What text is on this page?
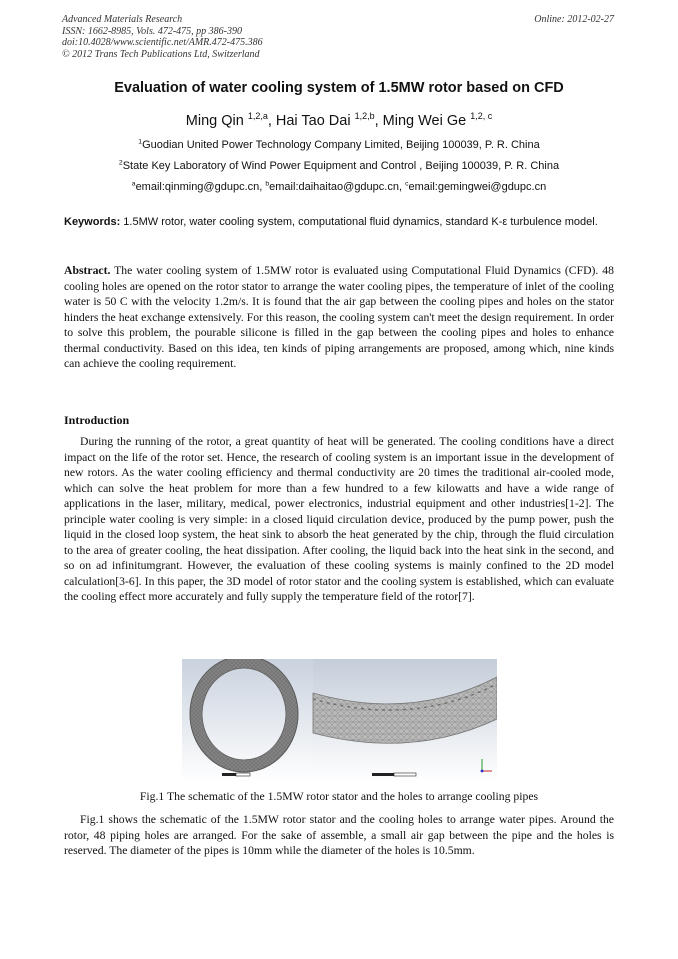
Advanced Materials Research
ISSN: 1662-8985, Vols. 472-475, pp 386-390
doi:10.4028/www.scientific.net/AMR.472-475.386
© 2012 Trans Tech Publications Ltd, Switzerland
Online: 2012-02-27
Evaluation of water cooling system of 1.5MW rotor based on CFD
Ming Qin $^{1,2,a}$, Hai Tao Dai $^{1,2,b}$, Ming Wei Ge $^{1,2, c}$
$^1$Guodian United Power Technology Company Limited, Beijing 100039, P. R. China
$^2$State Key Laboratory of Wind Power Equipment and Control , Beijing 100039, P. R. China
$^a$email:qinming@gdupc.cn, $^b$email:daihaitao@gdupc.cn, $^c$email:gemingwei@gdupc.cn
Keywords: 1.5MW rotor, water cooling system, computational fluid dynamics, standard K-ε turbulence model.
Abstract. The water cooling system of 1.5MW rotor is evaluated using Computational Fluid Dynamics (CFD). 48 cooling holes are opened on the rotor stator to arrange the water cooling pipes, the temperature of inlet of the cooling water is 50 C with the velocity 1.2m/s. It is found that the air gap between the cooling pipes and holes on the stator hinders the heat exchange extensively. For this reason, the cooling system can't meet the design requirement. In order to solve this problem, the pourable silicone is filled in the gap between the cooling pipes and holes to enhance thermal conductivity. Based on this idea, ten kinds of piping arrangements are proposed, among which, nine kinds can achieve the cooling requirement.
Introduction
During the running of the rotor, a great quantity of heat will be generated. The cooling conditions have a direct impact on the life of the rotor set. Hence, the research of cooling system is an important issue in the development of new rotors. As the water cooling efficiency and thermal conductivity are 20 times the traditional air-cooled mode, which can solve the heat problem for more than a few hundred to a few kilowatts and have a wide range of applications in the laser, military, medical, power electronics, industrial equipment and other industries[1-2]. The principle water cooling is very simple: in a closed liquid circulation device, produced by the pump power, push the liquid in the closed loop system, the heat sink to absorb the heat generated by the chip, through the fluid circulation to the area of greater cooling, the heat dissipation. After cooling, the liquid back into the heat sink in the second, and so on ad infinitumgrant. However, the evaluation of these cooling systems is mainly confined to the 2D model calculation[3-6]. In this paper, the 3D model of rotor stator and the cooling system is established, which can evaluate the cooling effect more accurately and fully supply the temperature field of the rotor[7].
Fig.1 The schematic of the 1.5MW rotor stator and the holes to arrange cooling pipes
Fig.1 shows the schematic of the 1.5MW rotor stator and the cooling holes to arrange water pipes. Around the rotor, 48 piping holes are arranged. For the sake of assemble, a small air gap between the pipe and the holes is reserved. The diameter of the pipes is 10mm while the diameter of the holes is 10.5mm.
